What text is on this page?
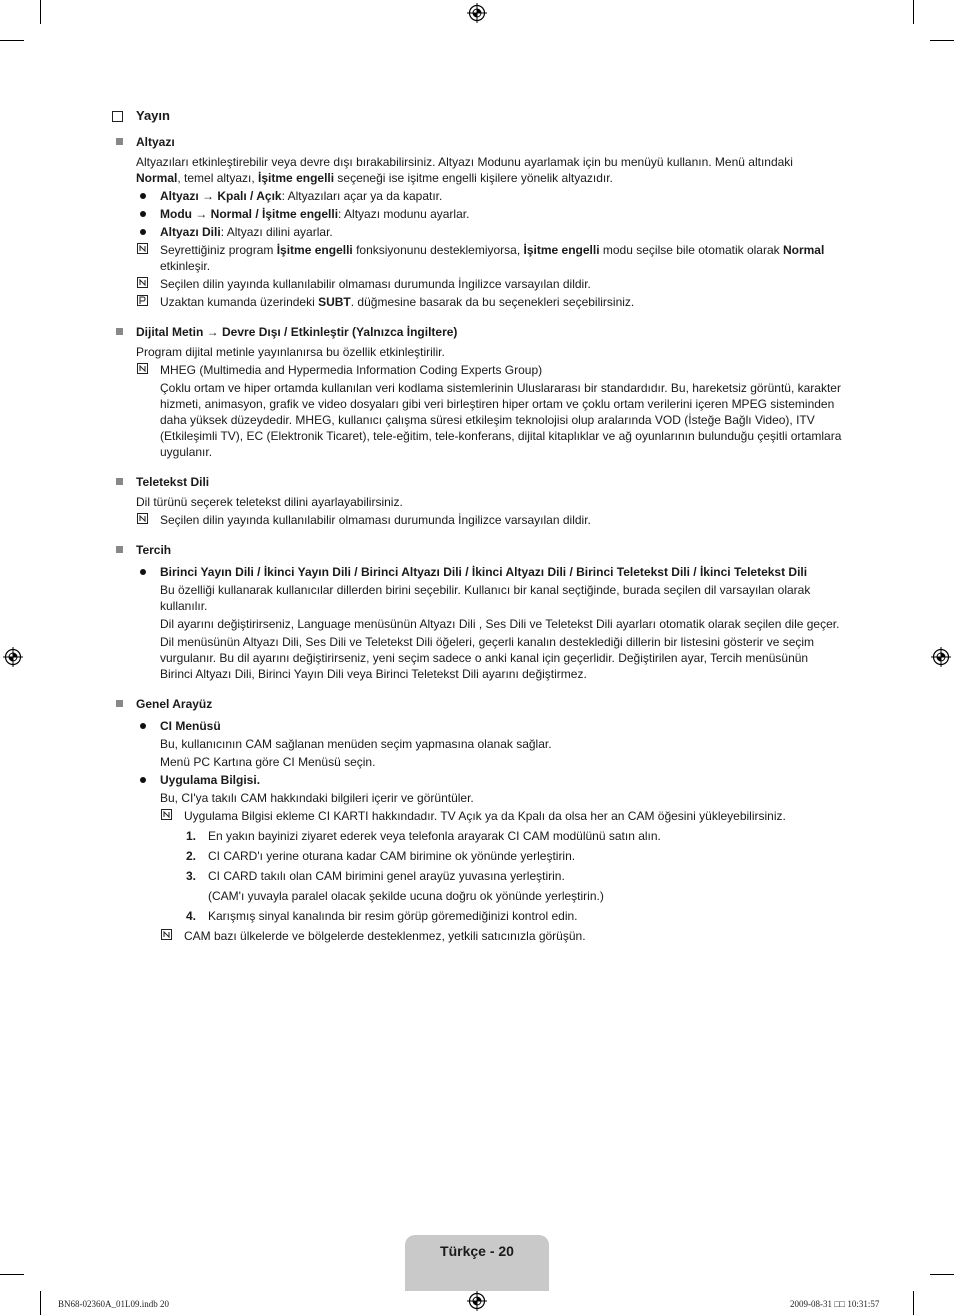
Yayın
Altyazı

Altyazıları etkinleştirebilir veya devre dışı bırakabilirsiniz. Altyazı Modunu ayarlamak için bu menüyü kullanın. Menü altındaki
Normal, temel altyazı, İşitme engelli seçeneği ise işitme engelli kişilere yönelik altyazıdır.

Altyazı → Kpalı / Açık: Altyazıları açar ya da kapatır.
Modu → Normal / İşitme engelli: Altyazı modunu ayarlar.
Altyazı Dili: Altyazı dilini ayarlar.
Seyrettiğiniz program İşitme engelli fonksiyonunu desteklemiyorsa, İşitme engelli modu seçilse bile otomatik olarak Normal
etkinleşir.
Seçilen dilin yayında kullanılabilir olmaması durumunda İngilizce varsayılan dildir.
Uzaktan kumanda üzerindeki SUBT. düğmesine basarak da bu seçenekleri seçebilirsiniz.
Dijital Metin → Devre Dışı / Etkinleştir (Yalnızca İngiltere)

Program dijital metinle yayınlanırsa bu özellik etkinleştirilir.

MHEG (Multimedia and Hypermedia Information Coding Experts Group)
Çoklu ortam ve hiper ortamda kullanılan veri kodlama sistemlerinin Uluslararası bir standardıdır. Bu, hareketsiz görüntü, karakter hizmeti, animasyon, grafik ve video dosyaları gibi veri birleştiren hiper ortam ve çoklu ortam verilerini içeren MPEG sisteminden daha yüksek düzeydedir. MHEG, kullanıcı çalışma süresi etkileşim teknolojisi olup aralarında VOD (İsteğe Bağlı Video), ITV (Etkileşimli TV), EC (Elektronik Ticaret), tele-eğitim, tele-konferans, dijital kitaplıklar ve ağ oyunlarının bulunduğu çeşitli ortamlara uygulanır.
Teletekst Dili

Dil türünü seçerek teletekst dilini ayarlayabilirsiniz.

Seçilen dilin yayında kullanılabilir olmaması durumunda İngilizce varsayılan dildir.
Tercih
Birinci Yayın Dili / İkinci Yayın Dili / Birinci Altyazı Dili / İkinci Altyazı Dili / Birinci Teletekst Dili / İkinci Teletekst Dili
Bu özelliği kullanarak kullanıcılar dillerden birini seçebilir. Kullanıcı bir kanal seçtiğinde, burada seçilen dil varsayılan olarak kullanılır.
Dil ayarını değiştirirseniz, Language menüsünün Altyazı Dili , Ses Dili ve Teletekst Dili ayarları otomatik olarak seçilen dile geçer.
Dil menüsünün Altyazı Dili, Ses Dili ve Teletekst Dili öğeleri, geçerli kanalın desteklediği dillerin bir listesini gösterir ve seçim vurgulanır. Bu dil ayarını değiştirirseniz, yeni seçim sadece o anki kanal için geçerlidir. Değiştirilen ayar, Tercih menüsünün Birinci Altyazı Dili, Birinci Yayın Dili veya Birinci Teletekst Dili ayarını değiştirmez.
Genel Arayüz
CI Menüsü
Bu, kullanıcının CAM sağlanan menüden seçim yapmasına olanak sağlar.
Menü PC Kartına göre CI Menüsü seçin.
Uygulama Bilgisi.
Bu, CI'ya takılı CAM hakkındaki bilgileri içerir ve görüntüler.
Uygulama Bilgisi ekleme CI KARTI hakkındadır. TV Açık ya da Kpalı da olsa her an CAM öğesini yükleyebilirsiniz.
1. En yakın bayinizi ziyaret ederek veya telefonla arayarak CI CAM modülünü satın alın.
2. CI CARD'ı yerine oturana kadar CAM birimine ok yönünde yerleştirin.
3. CI CARD takılı olan CAM birimini genel arayüz yuvasına yerleştirin.
(CAM'ı yuvayla paralel olacak şekilde ucuna doğru ok yönünde yerleştirin.)
4. Karışmış sinyal kanalında bir resim görüp göremediğinizi kontrol edin.
CAM bazı ülkelerde ve bölgelerde desteklenmez, yetkili satıcınızla görüşün.
Türkçe - 20
BN68-02360A_01L09.indb 20	2009-08-31 □□ 10:31:57
